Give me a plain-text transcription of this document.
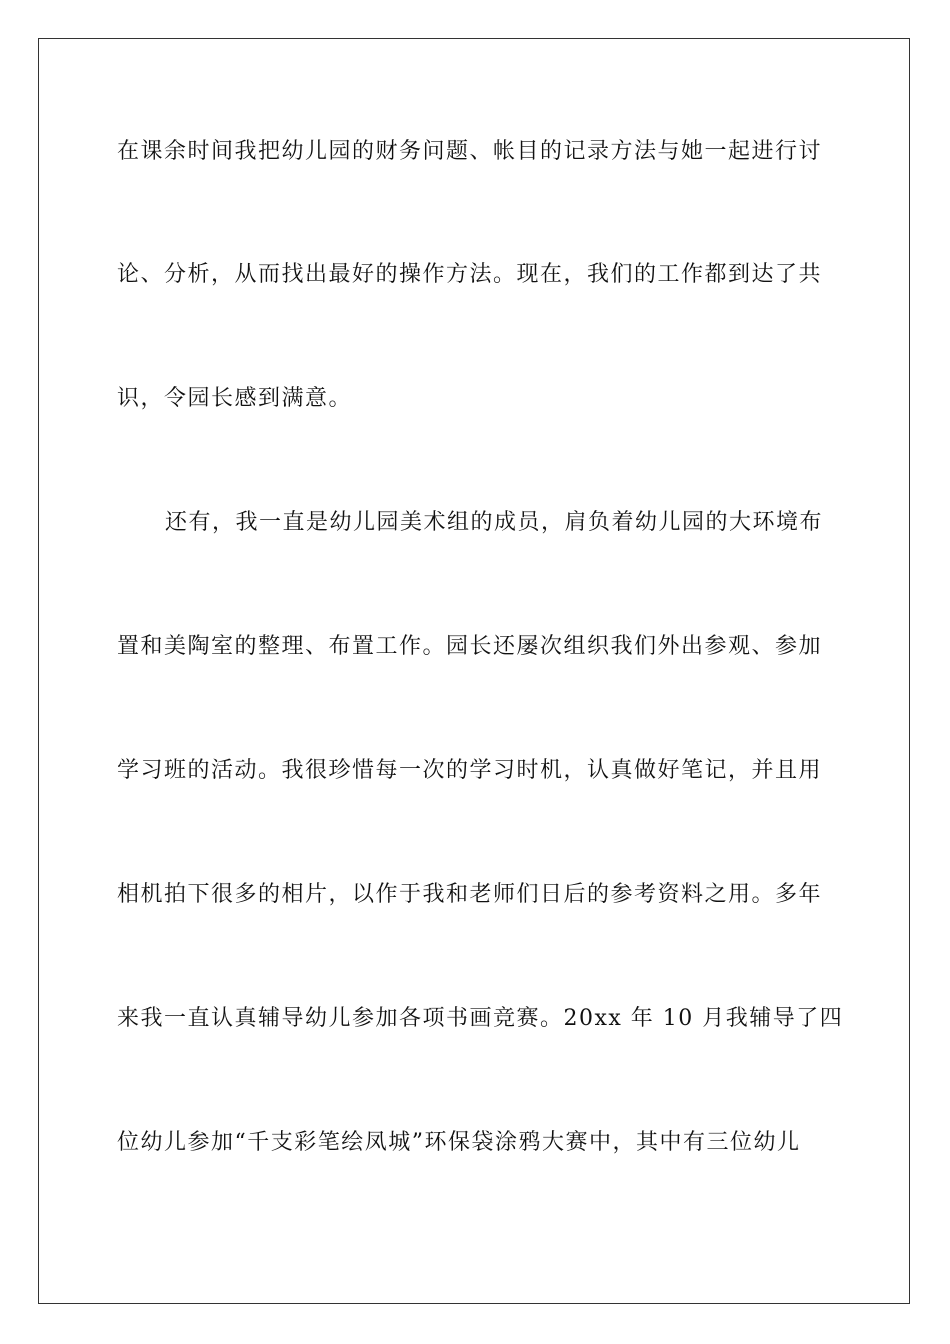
在课余时间我把幼儿园的财务问题、帐目的记录方法与她一起进行讨
论、分析，从而找出最好的操作方法。现在，我们的工作都到达了共
识，令园长感到满意。
还有，我一直是幼儿园美术组的成员，肩负着幼儿园的大环境布
置和美陶室的整理、布置工作。园长还屡次组织我们外出参观、参加
学习班的活动。我很珍惜每一次的学习时机，认真做好笔记，并且用
相机拍下很多的相片，以作于我和老师们日后的参考资料之用。多年
来我一直认真辅导幼儿参加各项书画竞赛。20xx 年 10 月我辅导了四
位幼儿参加“千支彩笔绘凤城”环保袋涂鸦大赛中，其中有三位幼儿
